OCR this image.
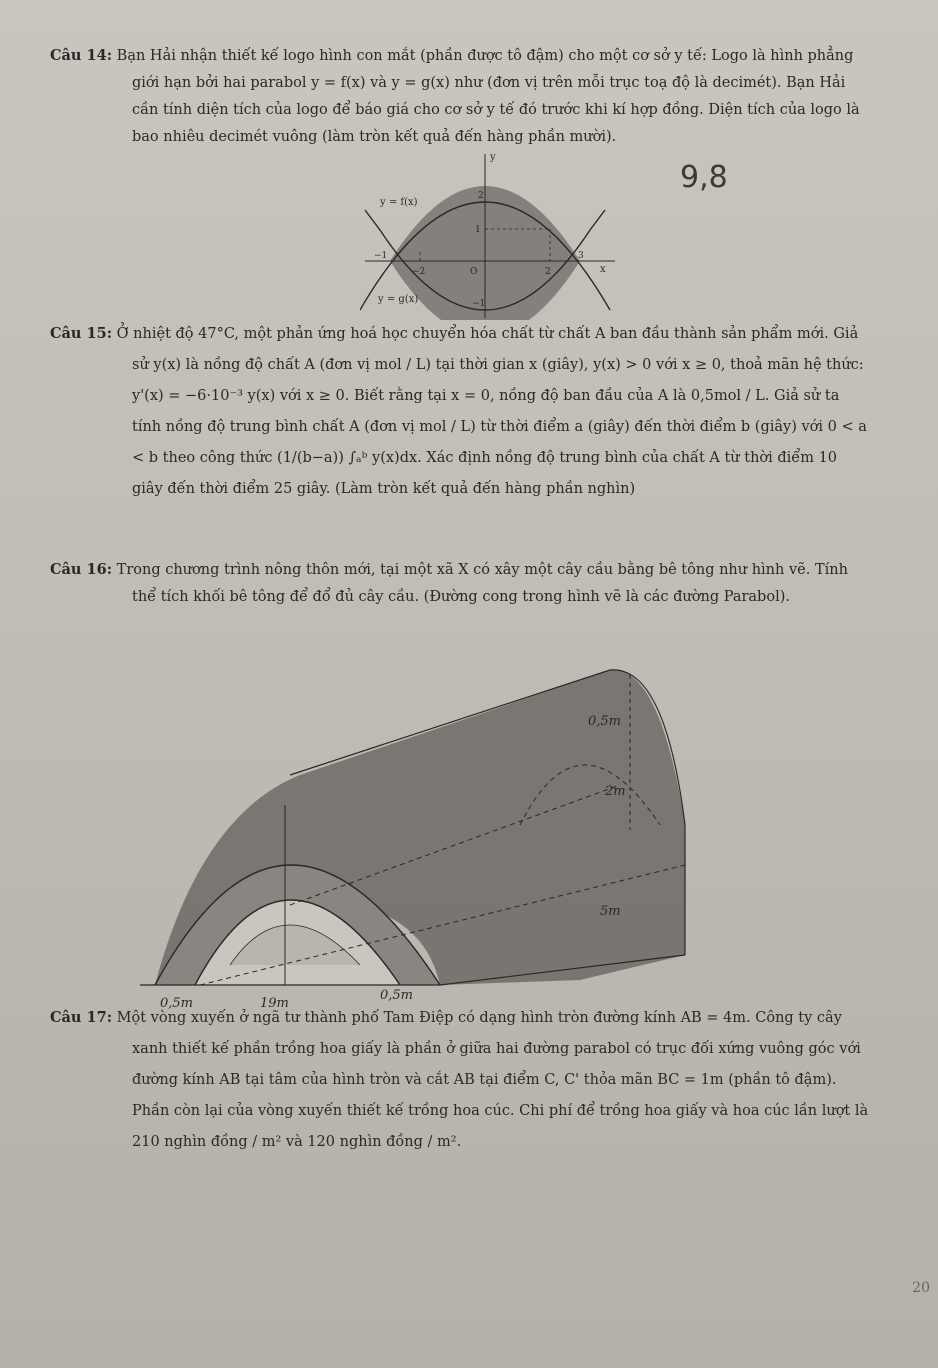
Câu 14: Bạn Hải nhận thiết kế logo hình con mắt (phần được tô đậm) cho một cơ sở y tế: Logo là hình phẳng giới hạn bởi hai parabol y = f(x) và y = g(x) như (đơn vị trên mỗi trục toạ độ là decimét). Bạn Hải cần tính diện tích của logo để báo giá cho cơ sở y tế đó trước khi kí hợp đồng. Diện tích của logo là bao nhiêu decimét vuông (làm tròn kết quả đến hàng phần mười).

9,8
y
x
y = f(x)
y = g(x)
2
1
−1
−2	O	2
3
−1

Câu 15: Ở nhiệt độ 47°C, một phản ứng hoá học chuyển hóa chất từ chất A ban đầu thành sản phẩm mới. Giả sử y(x) là nồng độ chất A (đơn vị mol / L) tại thời gian x (giây), y(x) > 0 với x ≥ 0, thoả mãn hệ thức: y'(x) = −6·10⁻³ y(x) với x ≥ 0. Biết rằng tại x = 0, nồng độ ban đầu của A là 0,5mol / L. Giả sử ta tính nồng độ trung bình chất A (đơn vị mol / L) từ thời điểm a (giây) đến thời điểm b (giây) với 0 < a < b theo công thức (1/(b−a)) ∫ₐᵇ y(x)dx. Xác định nồng độ trung bình của chất A từ thời điểm 10 giây đến thời điểm 25 giây. (Làm tròn kết quả đến hàng phần nghìn)

Câu 16: Trong chương trình nông thôn mới, tại một xã X có xây một cây cầu bằng bê tông như hình vẽ. Tính thể tích khối bê tông để đổ đủ cây cầu. (Đường cong trong hình vẽ là các đường Parabol).

0,5m
2m
5m
0,5m	19m
0,5m

Câu 17: Một vòng xuyến ở ngã tư thành phố Tam Điệp có dạng hình tròn đường kính AB = 4m. Công ty cây xanh thiết kế phần trồng hoa giấy là phần ở giữa hai đường parabol có trục đối xứng vuông góc với đường kính AB tại tâm của hình tròn và cắt AB tại điểm C, C' thỏa mãn BC = 1m (phần tô đậm). Phần còn lại của vòng xuyến thiết kế trồng hoa cúc. Chi phí để trồng hoa giấy và hoa cúc lần lượt là 210 nghìn đồng / m² và 120 nghìn đồng / m².

20
